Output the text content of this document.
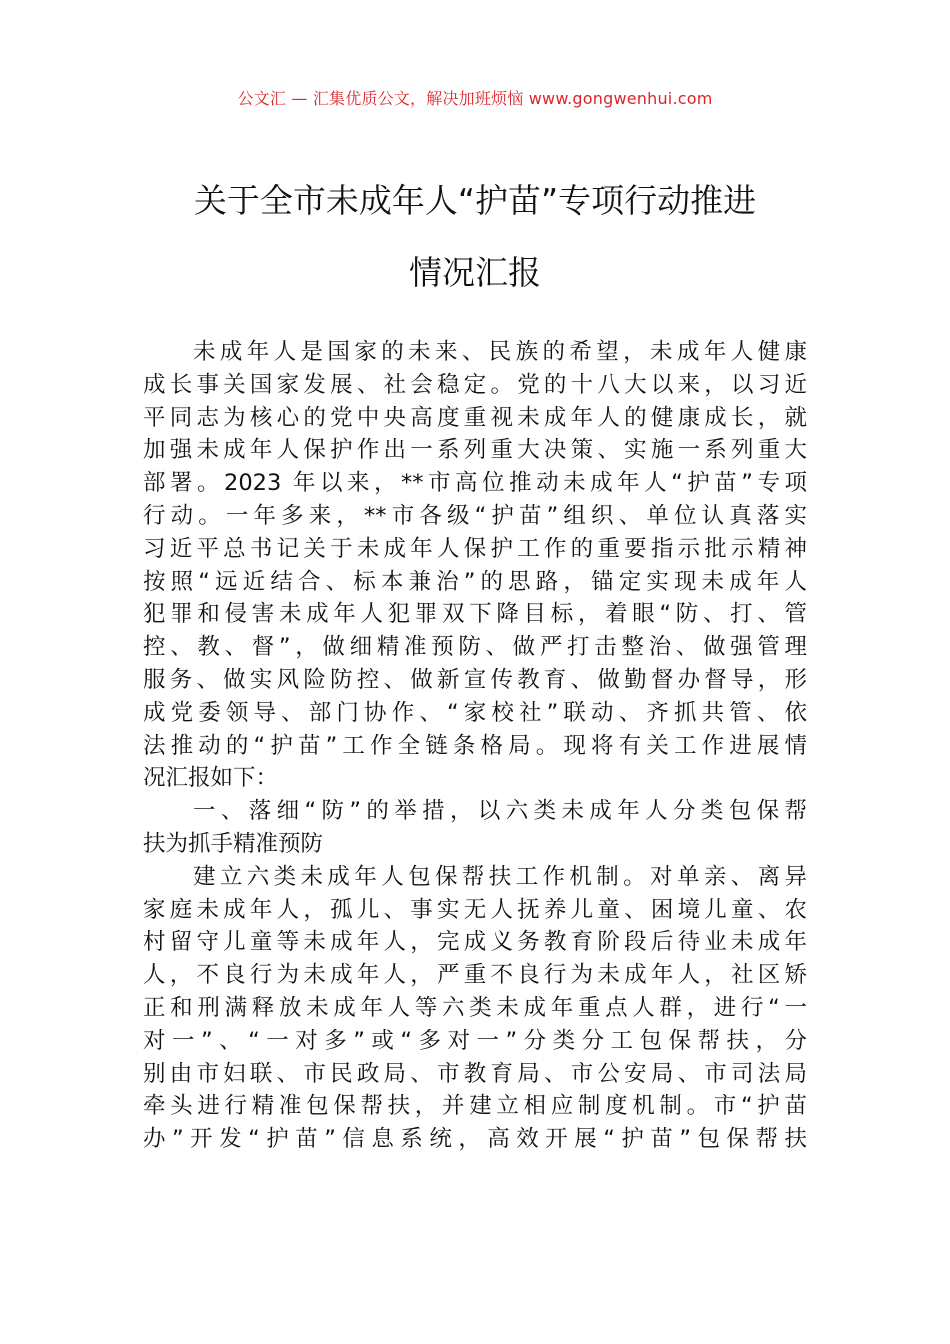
公文汇 — 汇集优质公文，解决加班烦恼 www.gongwenhui.com
关于全市未成年人“护苗”专项行动推进
情况汇报
未成年人是国家的未来、民族的希望，未成年人健康
成长事关国家发展、社会稳定。党的十八大以来，以习近
平同志为核心的党中央高度重视未成年人的健康成长，就
加强未成年人保护作出一系列重大决策、实施一系列重大
部署。2023 年以来，**市高位推动未成年人“护苗”专项
行动。一年多来，**市各级“护苗”组织、单位认真落实
习近平总书记关于未成年人保护工作的重要指示批示精神
按照“远近结合、标本兼治”的思路，锚定实现未成年人
犯罪和侵害未成年人犯罪双下降目标，着眼“防、打、管
控、教、督”，做细精准预防、做严打击整治、做强管理
服务、做实风险防控、做新宣传教育、做勤督办督导，形
成党委领导、部门协作、“家校社”联动、齐抓共管、依
法推动的“护苗”工作全链条格局。现将有关工作进展情
况汇报如下：
一、落细“防”的举措，以六类未成年人分类包保帮
扶为抓手精准预防
建立六类未成年人包保帮扶工作机制。对单亲、离异
家庭未成年人，孤儿、事实无人抚养儿童、困境儿童、农
村留守儿童等未成年人，完成义务教育阶段后待业未成年
人，不良行为未成年人，严重不良行为未成年人，社区矫
正和刑满释放未成年人等六类未成年重点人群，进行“一
对一”、“一对多”或“多对一”分类分工包保帮扶，分
别由市妇联、市民政局、市教育局、市公安局、市司法局
牵头进行精准包保帮扶，并建立相应制度机制。市“护苗
办”开发“护苗”信息系统，高效开展“护苗”包保帮扶
